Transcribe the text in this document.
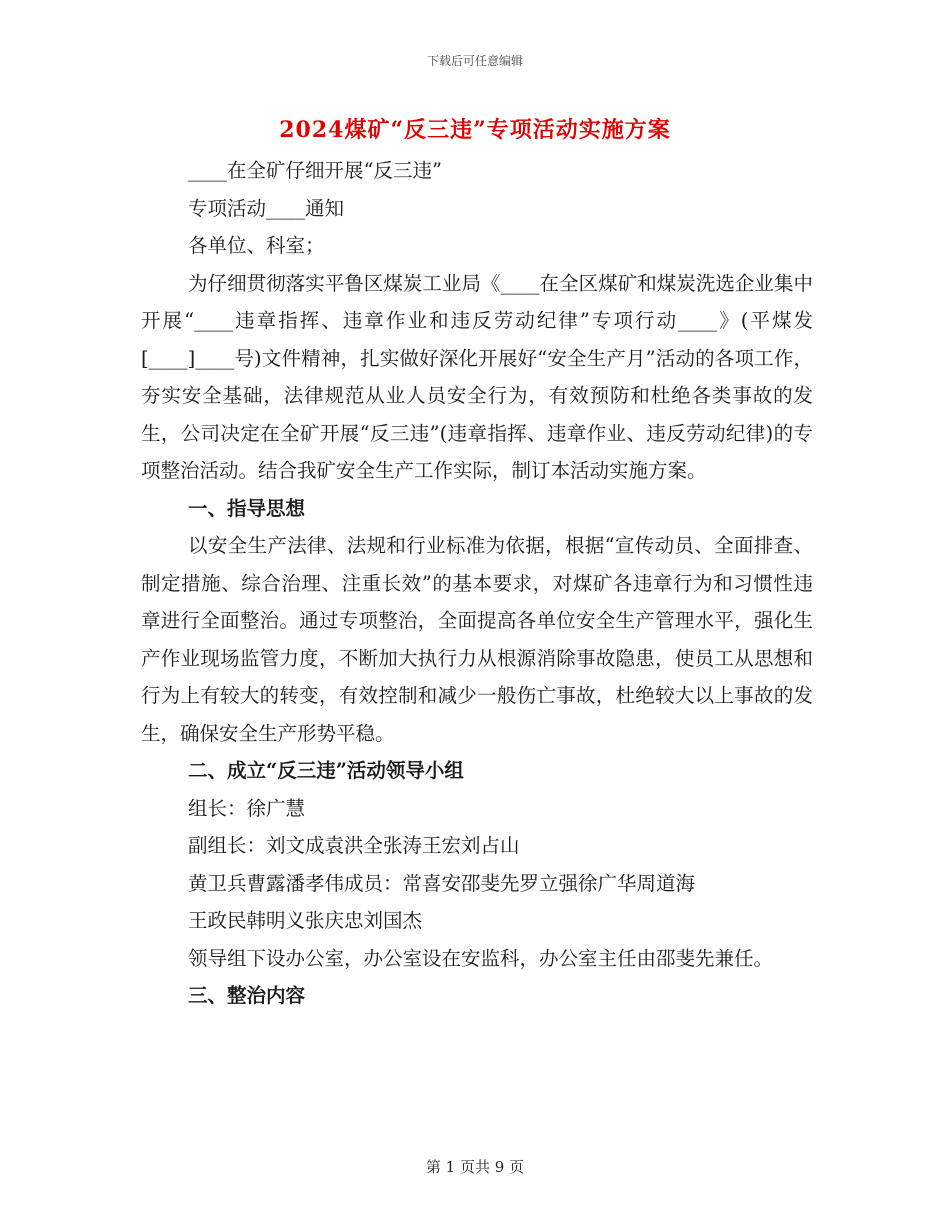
下载后可任意编辑
2024煤矿“反三违”专项活动实施方案

____在全矿仔细开展“反三违”

专项活动____通知

各单位、科室；

为仔细贯彻落实平鲁区煤炭工业局《____在全区煤矿和煤炭洗选企业集中开展“____违章指挥、违章作业和违反劳动纪律”专项行动____》(平煤发[____]____号)文件精神，扎实做好深化开展好“安全生产月”活动的各项工作，夯实安全基础，法律规范从业人员安全行为，有效预防和杜绝各类事故的发生，公司决定在全矿开展“反三违”(违章指挥、违章作业、违反劳动纪律)的专项整治活动。结合我矿安全生产工作实际，制订本活动实施方案。

一、指导思想

以安全生产法律、法规和行业标准为依据，根据“宣传动员、全面排查、制定措施、综合治理、注重长效”的基本要求，对煤矿各违章行为和习惯性违章进行全面整治。通过专项整治，全面提高各单位安全生产管理水平，强化生产作业现场监管力度，不断加大执行力从根源消除事故隐患，使员工从思想和行为上有较大的转变，有效控制和减少一般伤亡事故，杜绝较大以上事故的发生，确保安全生产形势平稳。

二、成立“反三违”活动领导小组

组长：徐广慧

副组长：刘文成袁洪全张涛王宏刘占山

黄卫兵曹露潘孝伟成员：常喜安邵斐先罗立强徐广华周道海

王政民韩明义张庆忠刘国杰

领导组下设办公室，办公室设在安监科，办公室主任由邵斐先兼任。

三、整治内容

第 1 页共 9 页
